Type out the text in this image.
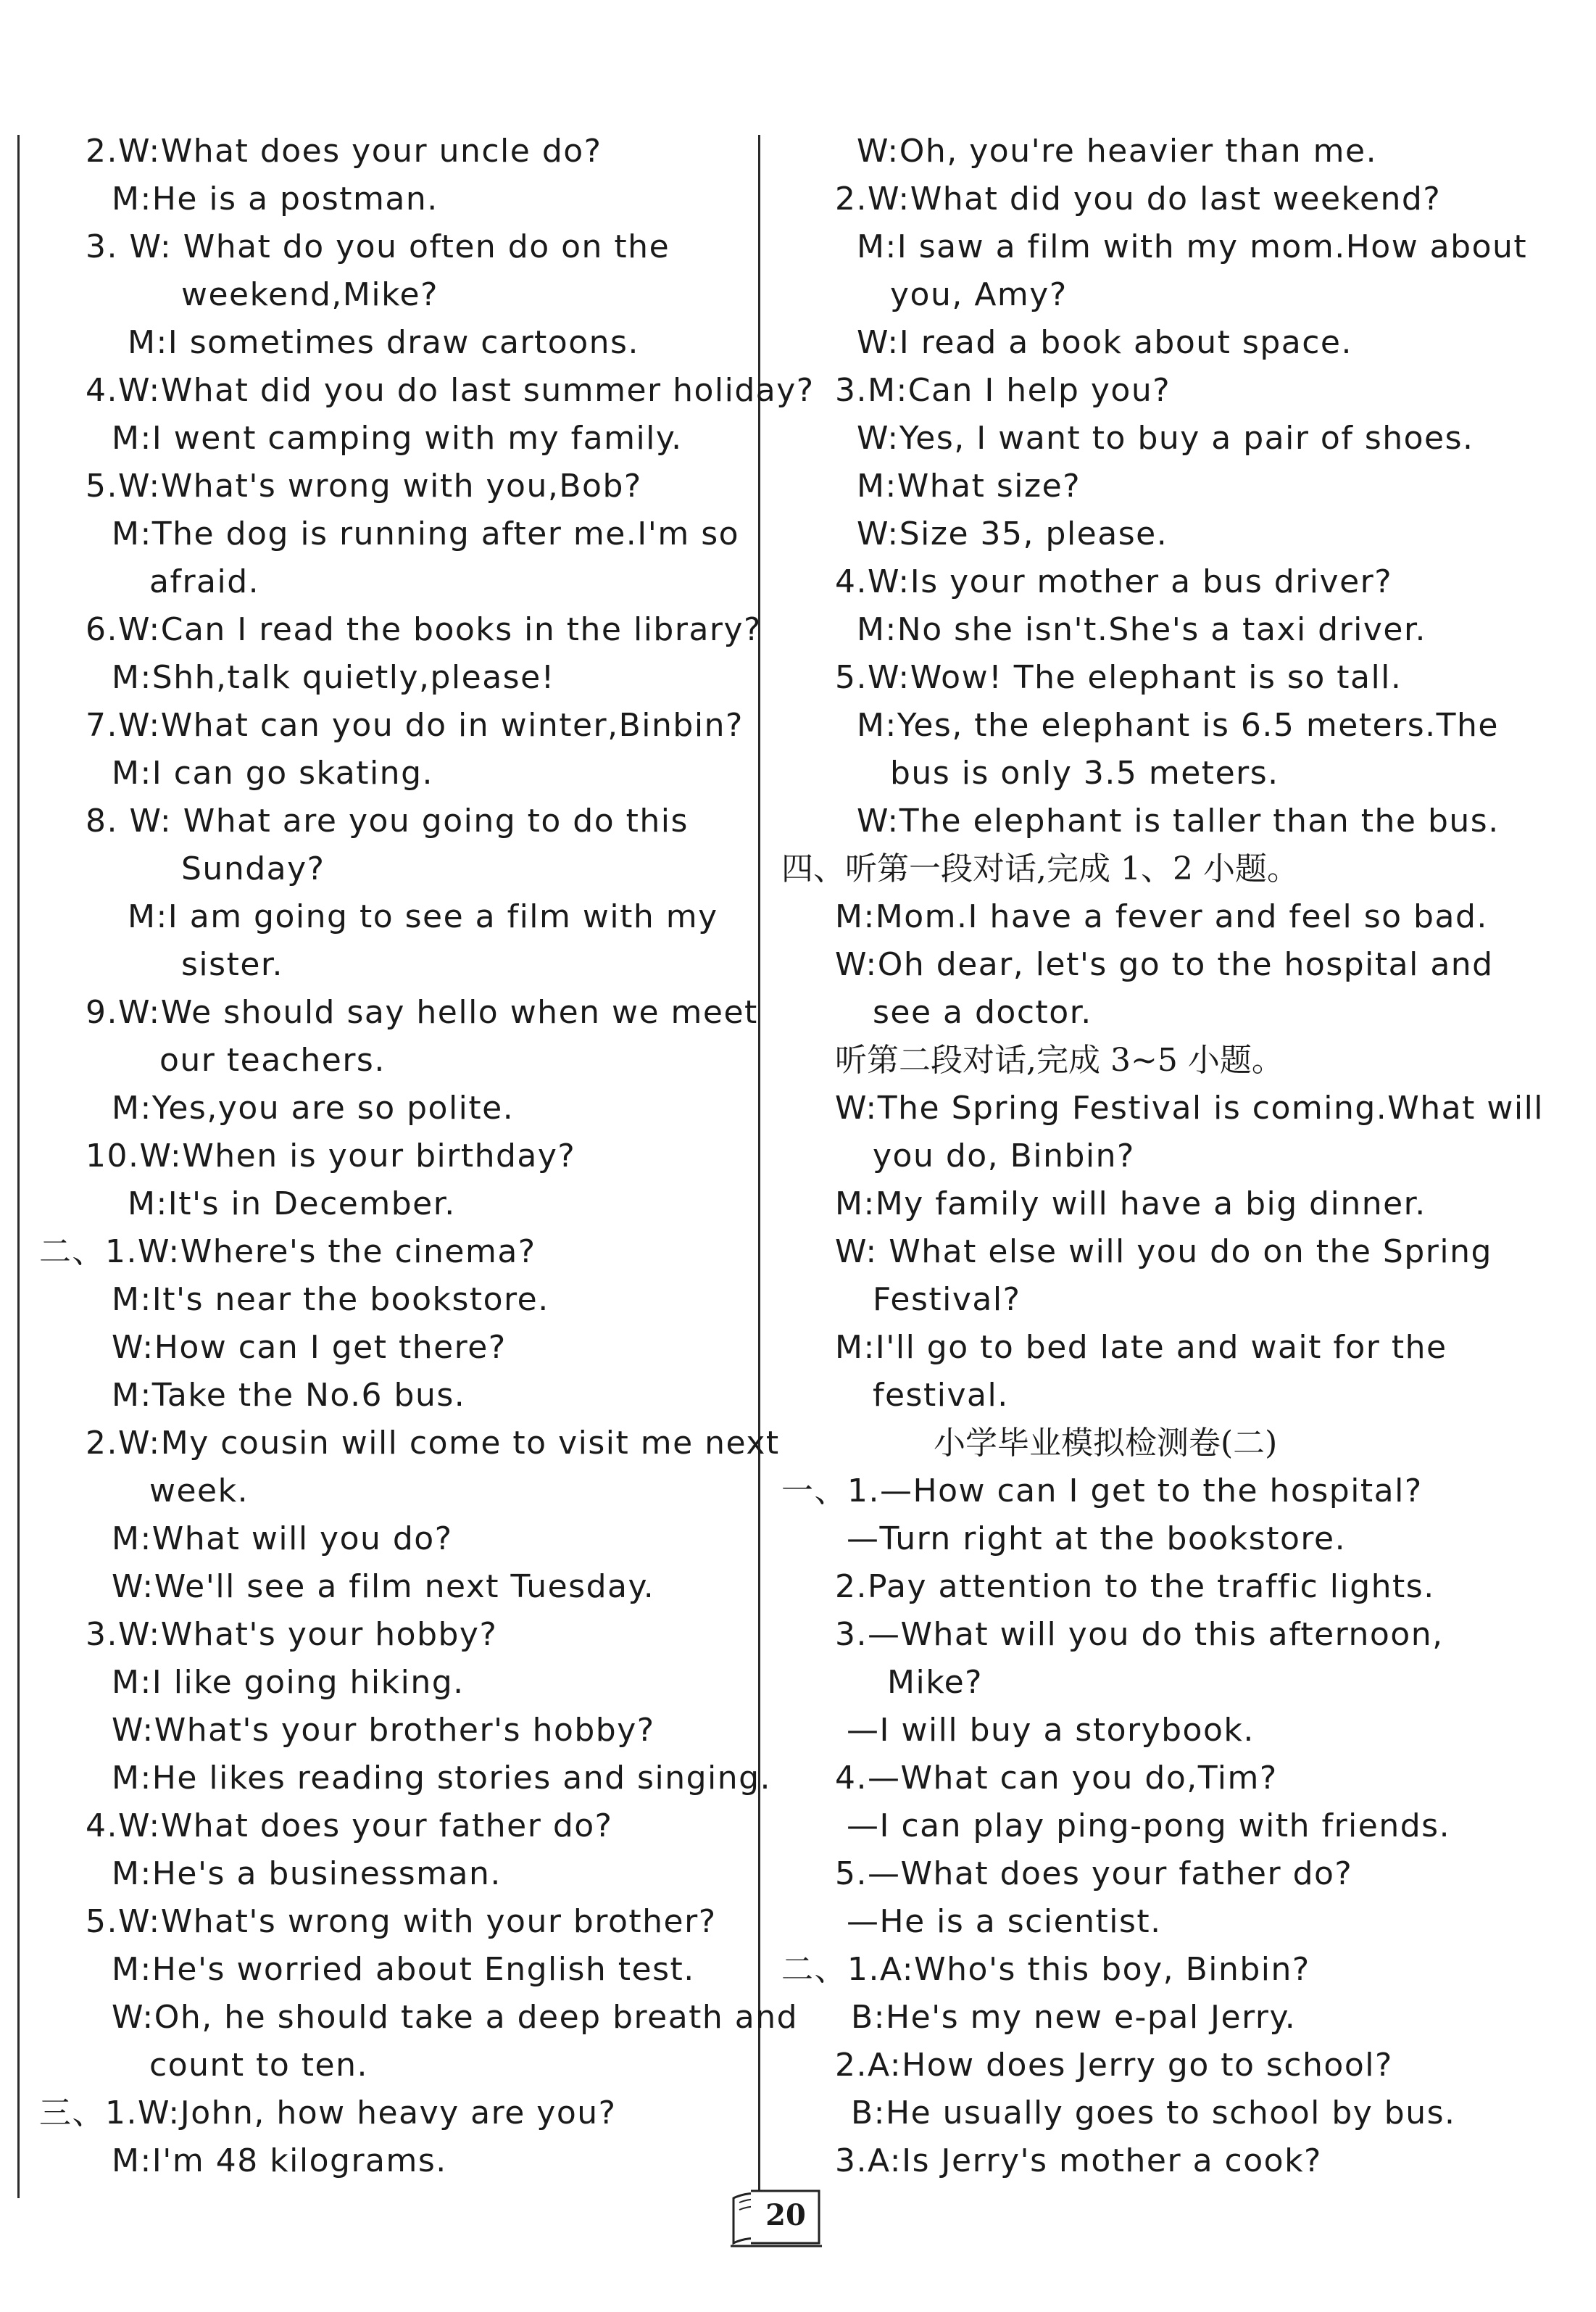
2.W:What does your uncle do?
M:He is a postman.
3. W: What do you often do on the
weekend,Mike?
M:I sometimes draw cartoons.
4.W:What did you do last summer holiday?
M:I went camping with my family.
5.W:What's wrong with you,Bob?
M:The dog is running after me.I'm so
afraid.
6.W:Can I read the books in the library?
M:Shh,talk quietly,please!
7.W:What can you do in winter,Binbin?
M:I can go skating.
8. W: What are you going to do this
Sunday?
M:I am going to see a film with my
sister.
9.W:We should say hello when we meet
our teachers.
M:Yes,you are so polite.
10.W:When is your birthday?
M:It's in December.
二、1.W:Where's the cinema?
M:It's near the bookstore.
W:How can I get there?
M:Take the No.6 bus.
2.W:My cousin will come to visit me next
week.
M:What will you do?
W:We'll see a film next Tuesday.
3.W:What's your hobby?
M:I like going hiking.
W:What's your brother's hobby?
M:He likes reading stories and singing.
4.W:What does your father do?
M:He's a businessman.
5.W:What's wrong with your brother?
M:He's worried about English test.
W:Oh, he should take a deep breath and
count to ten.
三、1.W:John, how heavy are you?
M:I'm 48 kilograms.
W:Oh, you're heavier than me.
2.W:What did you do last weekend?
M:I saw a film with my mom.How about
you, Amy?
W:I read a book about space.
3.M:Can I help you?
W:Yes, I want to buy a pair of shoes.
M:What size?
W:Size 35, please.
4.W:Is your mother a bus driver?
M:No she isn't.She's a taxi driver.
5.W:Wow! The elephant is so tall.
M:Yes, the elephant is 6.5 meters.The
bus is only 3.5 meters.
W:The elephant is taller than the bus.
四、听第一段对话,完成 1、2 小题。
M:Mom.I have a fever and feel so bad.
W:Oh dear, let's go to the hospital and
see a doctor.
听第二段对话,完成 3~5 小题。
W:The Spring Festival is coming.What will
you do, Binbin?
M:My family will have a big dinner.
W: What else will you do on the Spring
Festival?
M:I'll go to bed late and wait for the
festival.
小学毕业模拟检测卷(二)
一、1.—How can I get to the hospital?
—Turn right at the bookstore.
2.Pay attention to the traffic lights.
3.—What will you do this afternoon,
Mike?
—I will buy a storybook.
4.—What can you do,Tim?
—I can play ping-pong with friends.
5.—What does your father do?
—He is a scientist.
二、1.A:Who's this boy, Binbin?
B:He's my new e-pal Jerry.
2.A:How does Jerry go to school?
B:He usually goes to school by bus.
3.A:Is Jerry's mother a cook?
20
